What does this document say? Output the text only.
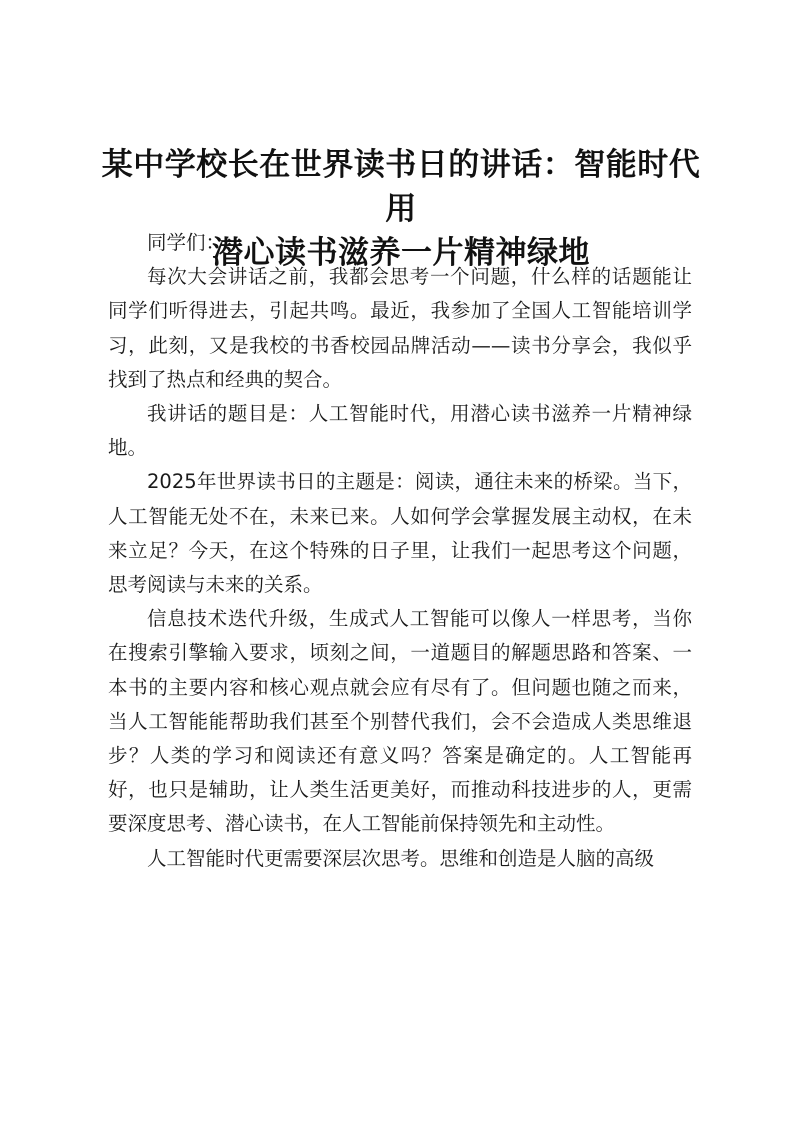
某中学校长在世界读书日的讲话：智能时代用
潜心读书滋养一片精神绿地

同学们：

每次大会讲话之前，我都会思考一个问题，什么样的话题能让同学们听得进去，引起共鸣。最近，我参加了全国人工智能培训学习，此刻，又是我校的书香校园品牌活动——读书分享会，我似乎找到了热点和经典的契合。

我讲话的题目是：人工智能时代，用潜心读书滋养一片精神绿地。

2025年世界读书日的主题是：阅读，通往未来的桥梁。当下，人工智能无处不在，未来已来。人如何学会掌握发展主动权，在未来立足？今天，在这个特殊的日子里，让我们一起思考这个问题，思考阅读与未来的关系。

信息技术迭代升级，生成式人工智能可以像人一样思考，当你在搜索引擎输入要求，顷刻之间，一道题目的解题思路和答案、一本书的主要内容和核心观点就会应有尽有了。但问题也随之而来，当人工智能能帮助我们甚至个别替代我们，会不会造成人类思维退步？人类的学习和阅读还有意义吗？答案是确定的。人工智能再好，也只是辅助，让人类生活更美好，而推动科技进步的人，更需要深度思考、潜心读书，在人工智能前保持领先和主动性。

人工智能时代更需要深层次思考。思维和创造是人脑的高级
